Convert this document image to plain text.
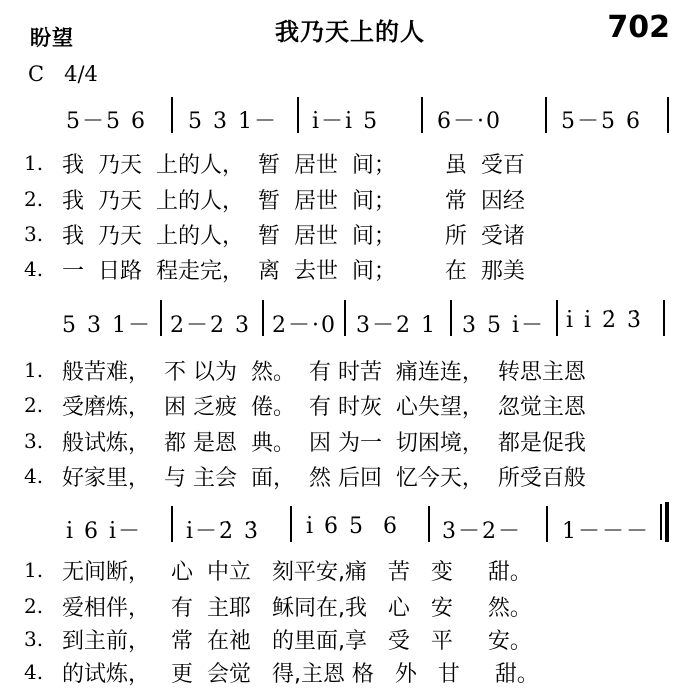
盼望	我乃天上的人	702
C   4/4
5－5 6 5 3 1－ i̇－i̇ 5	6－·0	5－5 6
1. 我  乃天  上的人，  暂  居世  间；       虽  受百
2. 我  乃天  上的人，  暂  居世  间；       常  因经
3. 我  乃天  上的人，  暂  居世  间；       所  受诸
4. 一  日路  程走完，  离  去世  间；       在  那美
5 3 1－ 2－2 3 2－·0 3－2 1 3 5 i̇－ i̇ i̇ 2̇ 3̇
1. 般苦难，  不 以为  然。  有 时苦  痛连连，  转思主恩
2. 受磨炼，  困 乏疲  倦。  有 时灰  心失望，  忽觉主恩
3. 般试炼，  都 是恩  典。  因 为一  切困境，  都是促我
4. 好家里，  与 主会  面，  然 后回  忆今天，  所受百般
i̇ 6 i̇－ i̇－2̇ 3̇ i̇ 6 5  6 3－2－ 1－－－
1. 无间断，   心  中立   刻平安,痛   苦   变     甜。
2. 爱相伴，   有  主耶   稣同在,我   心   安     然。
3. 到主前，   常  在祂   的里面,享   受   平     安。
4. 的试炼，   更  会觉   得,主恩 格   外   甘     甜。
